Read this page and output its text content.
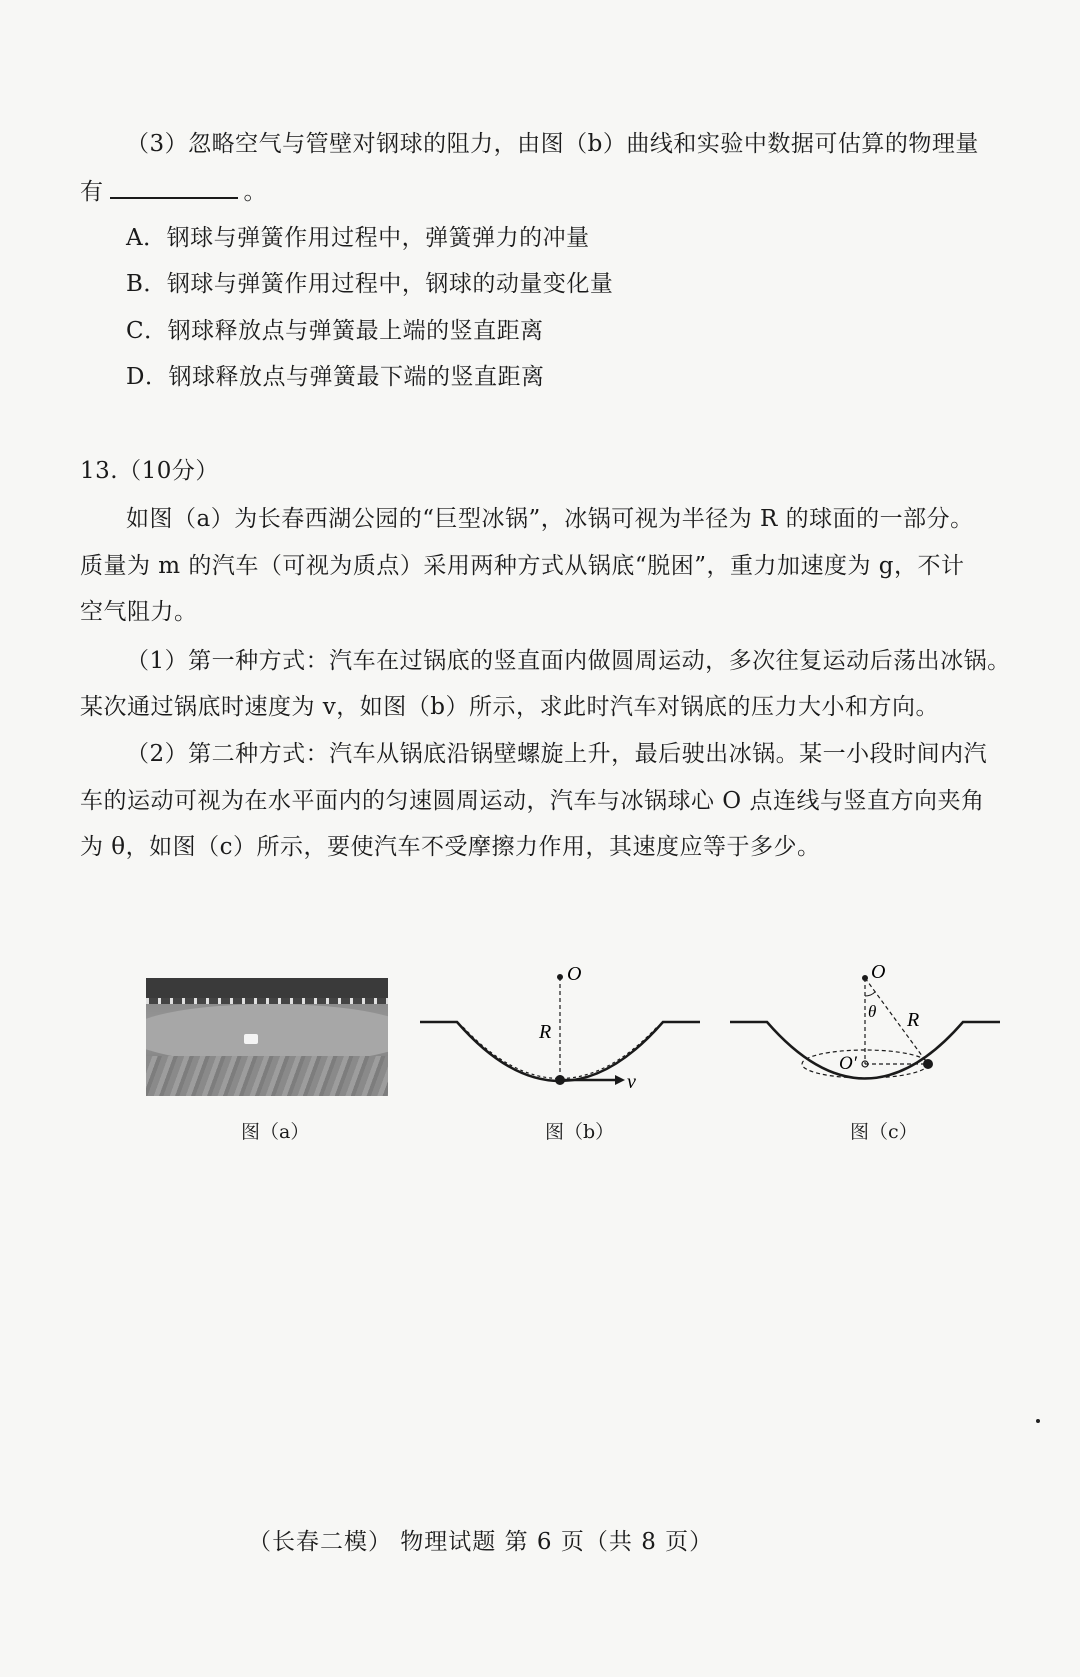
（3）忽略空气与管壁对钢球的阻力，由图（b）曲线和实验中数据可估算的物理量
有	。
A．钢球与弹簧作用过程中，弹簧弹力的冲量
B．钢球与弹簧作用过程中，钢球的动量变化量
C．钢球释放点与弹簧最上端的竖直距离
D．钢球释放点与弹簧最下端的竖直距离
13.（10分）
如图（a）为长春西湖公园的“巨型冰锅”，冰锅可视为半径为 R 的球面的一部分。
质量为 m 的汽车（可视为质点）采用两种方式从锅底“脱困”，重力加速度为 g，不计
空气阻力。
（1）第一种方式：汽车在过锅底的竖直面内做圆周运动，多次往复运动后荡出冰锅。
某次通过锅底时速度为 v，如图（b）所示，求此时汽车对锅底的压力大小和方向。
（2）第二种方式：汽车从锅底沿锅壁螺旋上升，最后驶出冰锅。某一小段时间内汽
车的运动可视为在水平面内的匀速圆周运动，汽车与冰锅球心 O 点连线与竖直方向夹角
为 θ，如图（c）所示，要使汽车不受摩擦力作用，其速度应等于多少。
图（a）
O
R
v
图（b）
O
θ R
O′
图（c）
（长春二模） 物理试题 第 6 页（共 8 页）
